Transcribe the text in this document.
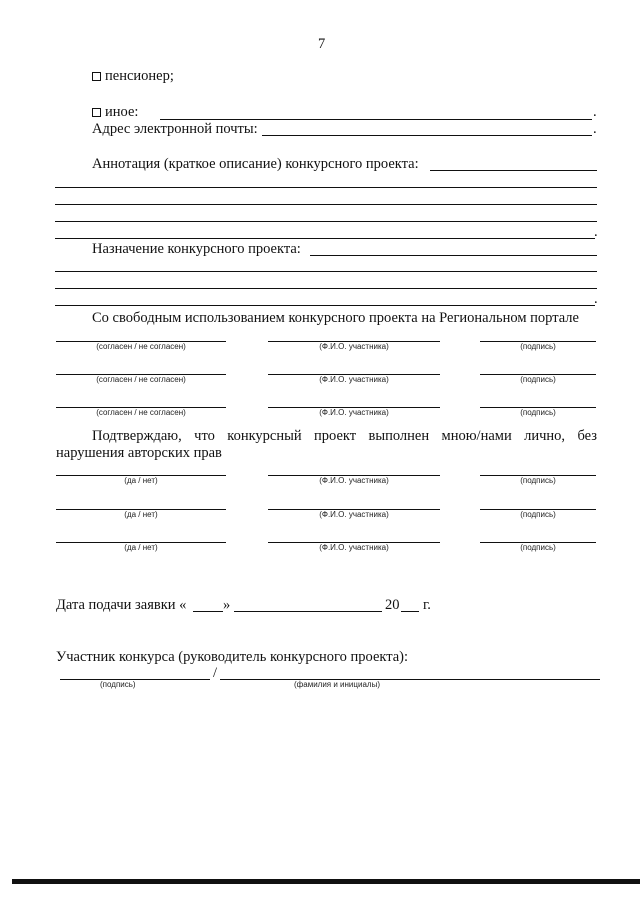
7
пенсионер;
иное:	.
Адрес электронной почты:	.
Аннотация (краткое описание) конкурсного проекта:
.
Назначение конкурсного проекта:
.
Со свободным использованием конкурсного проекта на Региональном портале
(согласен / не согласен)	(Ф.И.О. участника)	(подпись)
(согласен / не согласен)	(Ф.И.О. участника)	(подпись)
(согласен / не согласен)	(Ф.И.О. участника)	(подпись)
Подтверждаю, что конкурсный проект выполнен мною/нами лично, без
нарушения авторских прав
(да / нет)	(Ф.И.О. участника)	(подпись)
(да / нет)	(Ф.И.О. участника)	(подпись)
(да / нет)	(Ф.И.О. участника)	(подпись)
Дата подачи заявки «	»	20 г.
Участник конкурса (руководитель конкурсного проекта):
(подпись)
/
(фамилия и инициалы)
